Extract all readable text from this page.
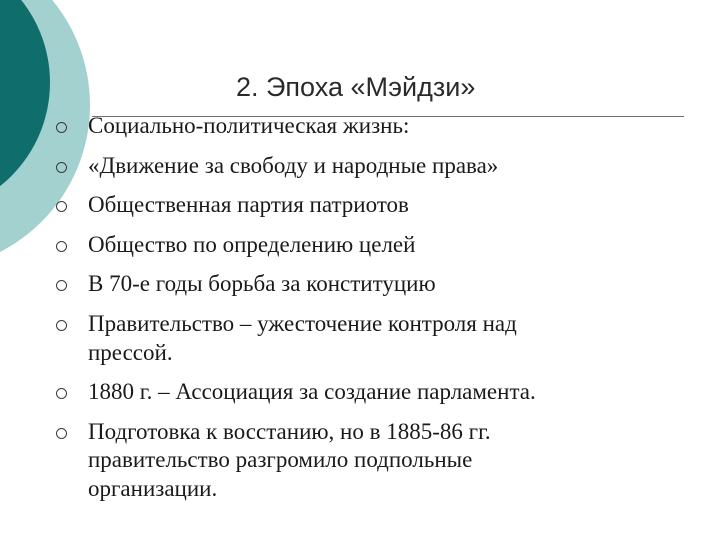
2. Эпоха «Мэйдзи»
Социально-политическая жизнь:
«Движение за свободу и народные права»
Общественная партия патриотов
Общество по определению целей
В 70-е годы борьба за конституцию
Правительство – ужесточение контроля над
прессой.
1880 г. – Ассоциация за создание парламента.
Подготовка к восстанию, но в 1885-86 гг.
правительство разгромило подпольные
организации.
